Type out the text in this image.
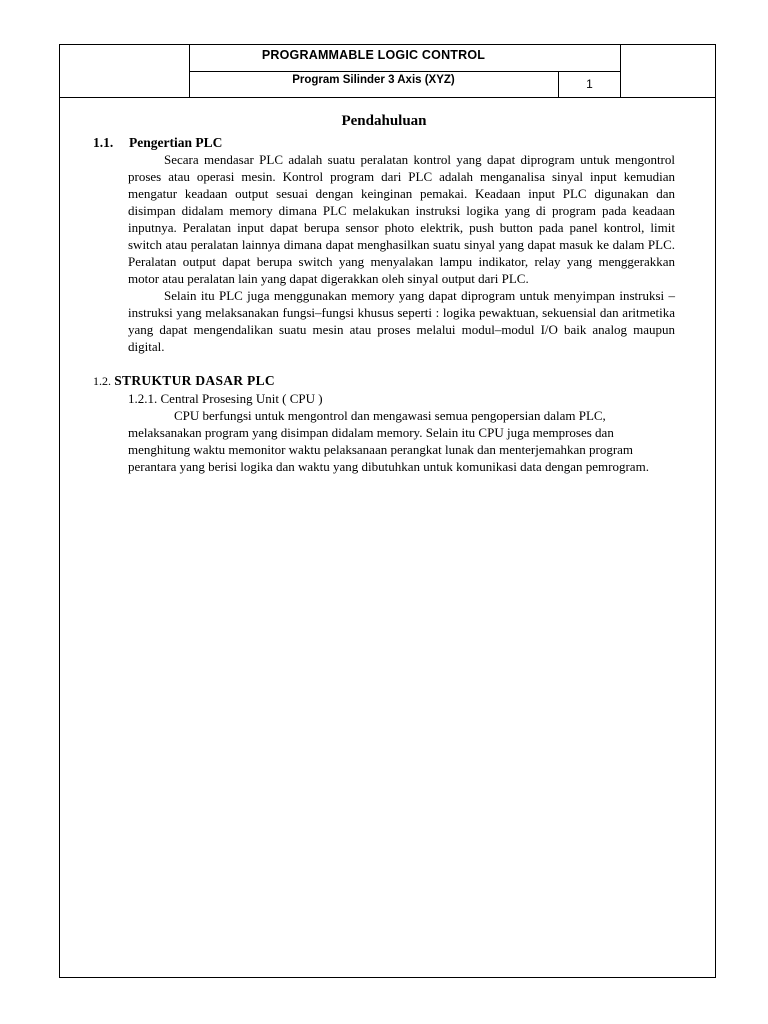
PROGRAMMABLE LOGIC CONTROL
Program Silinder 3 Axis (XYZ)	1
Pendahuluan
1.1. Pengertian PLC

Secara mendasar PLC adalah suatu peralatan kontrol yang dapat diprogram untuk mengontrol proses atau operasi mesin. Kontrol program dari PLC adalah menganalisa sinyal input kemudian mengatur keadaan output sesuai dengan keinginan pemakai. Keadaan input PLC digunakan dan disimpan didalam memory dimana PLC melakukan instruksi logika yang di program pada keadaan inputnya. Peralatan input dapat berupa sensor photo elektrik, push button pada panel kontrol, limit switch atau peralatan lainnya dimana dapat menghasilkan suatu sinyal yang dapat masuk ke dalam PLC. Peralatan output dapat berupa switch yang menyalakan lampu indikator, relay yang menggerakkan motor atau peralatan lain yang dapat digerakkan oleh sinyal output dari PLC.

Selain itu PLC juga menggunakan memory yang dapat diprogram untuk menyimpan instruksi – instruksi yang melaksanakan fungsi–fungsi khusus seperti : logika pewaktuan, sekuensial dan aritmetika yang dapat mengendalikan suatu mesin atau proses melalui modul–modul I/O baik analog maupun digital.

1.2. STRUKTUR DASAR PLC
1.2.1. Central Prosesing Unit ( CPU )

CPU berfungsi untuk mengontrol dan mengawasi semua pengopersian dalam PLC, melaksanakan program yang disimpan didalam memory. Selain itu CPU juga memproses dan menghitung waktu memonitor waktu pelaksanaan perangkat lunak dan menterjemahkan program perantara yang berisi logika dan waktu yang dibutuhkan untuk komunikasi data dengan pemrogram.
